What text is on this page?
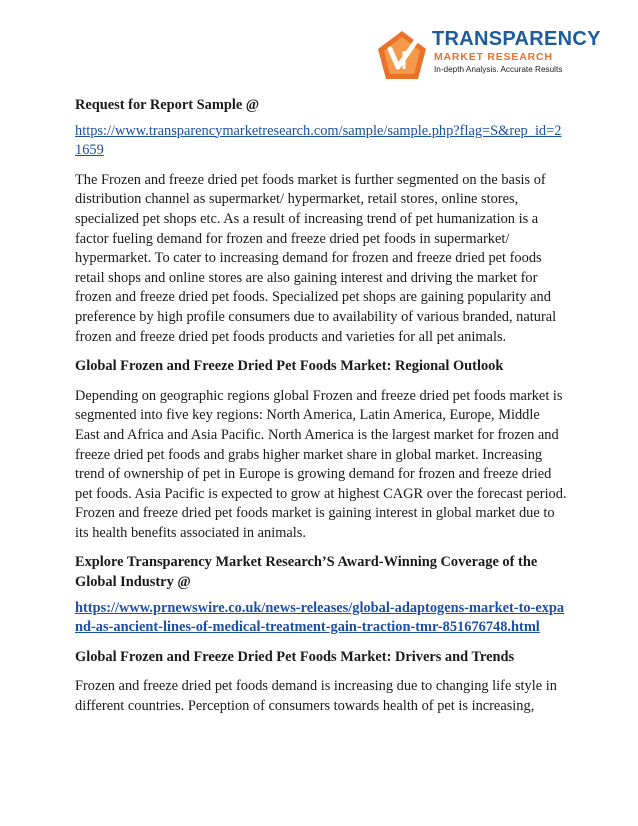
TRANSPARENCY
MARKET RESEARCH
In-depth Analysis. Accurate Results
Request for Report Sample @
https://www.transparencymarketresearch.com/sample/sample.php?flag=S&rep_id=21659
The Frozen and freeze dried pet foods market is further segmented on the basis of distribution channel as supermarket/ hypermarket, retail stores, online stores, specialized pet shops etc. As a result of increasing trend of pet humanization is a factor fueling demand for frozen and freeze dried pet foods in supermarket/ hypermarket. To cater to increasing demand for frozen and freeze dried pet foods retail shops and online stores are also gaining interest and driving the market for frozen and freeze dried pet foods. Specialized pet shops are gaining popularity and preference by high profile consumers due to availability of various branded, natural frozen and freeze dried pet foods products and varieties for all pet animals.
Global Frozen and Freeze Dried Pet Foods Market: Regional Outlook
Depending on geographic regions global Frozen and freeze dried pet foods market is segmented into five key regions: North America, Latin America, Europe, Middle East and Africa and Asia Pacific. North America is the largest market for frozen and freeze dried pet foods and grabs higher market share in global market. Increasing trend of ownership of pet in Europe is growing demand for frozen and freeze dried pet foods. Asia Pacific is expected to grow at highest CAGR over the forecast period. Frozen and freeze dried pet foods market is gaining interest in global market due to its health benefits associated in animals.
Explore Transparency Market Research’S Award-Winning Coverage of the Global Industry @
https://www.prnewswire.co.uk/news-releases/global-adaptogens-market-to-expand-as-ancient-lines-of-medical-treatment-gain-traction-tmr-851676748.html
Global Frozen and Freeze Dried Pet Foods Market: Drivers and Trends
Frozen and freeze dried pet foods demand is increasing due to changing life style in different countries. Perception of consumers towards health of pet is increasing,
